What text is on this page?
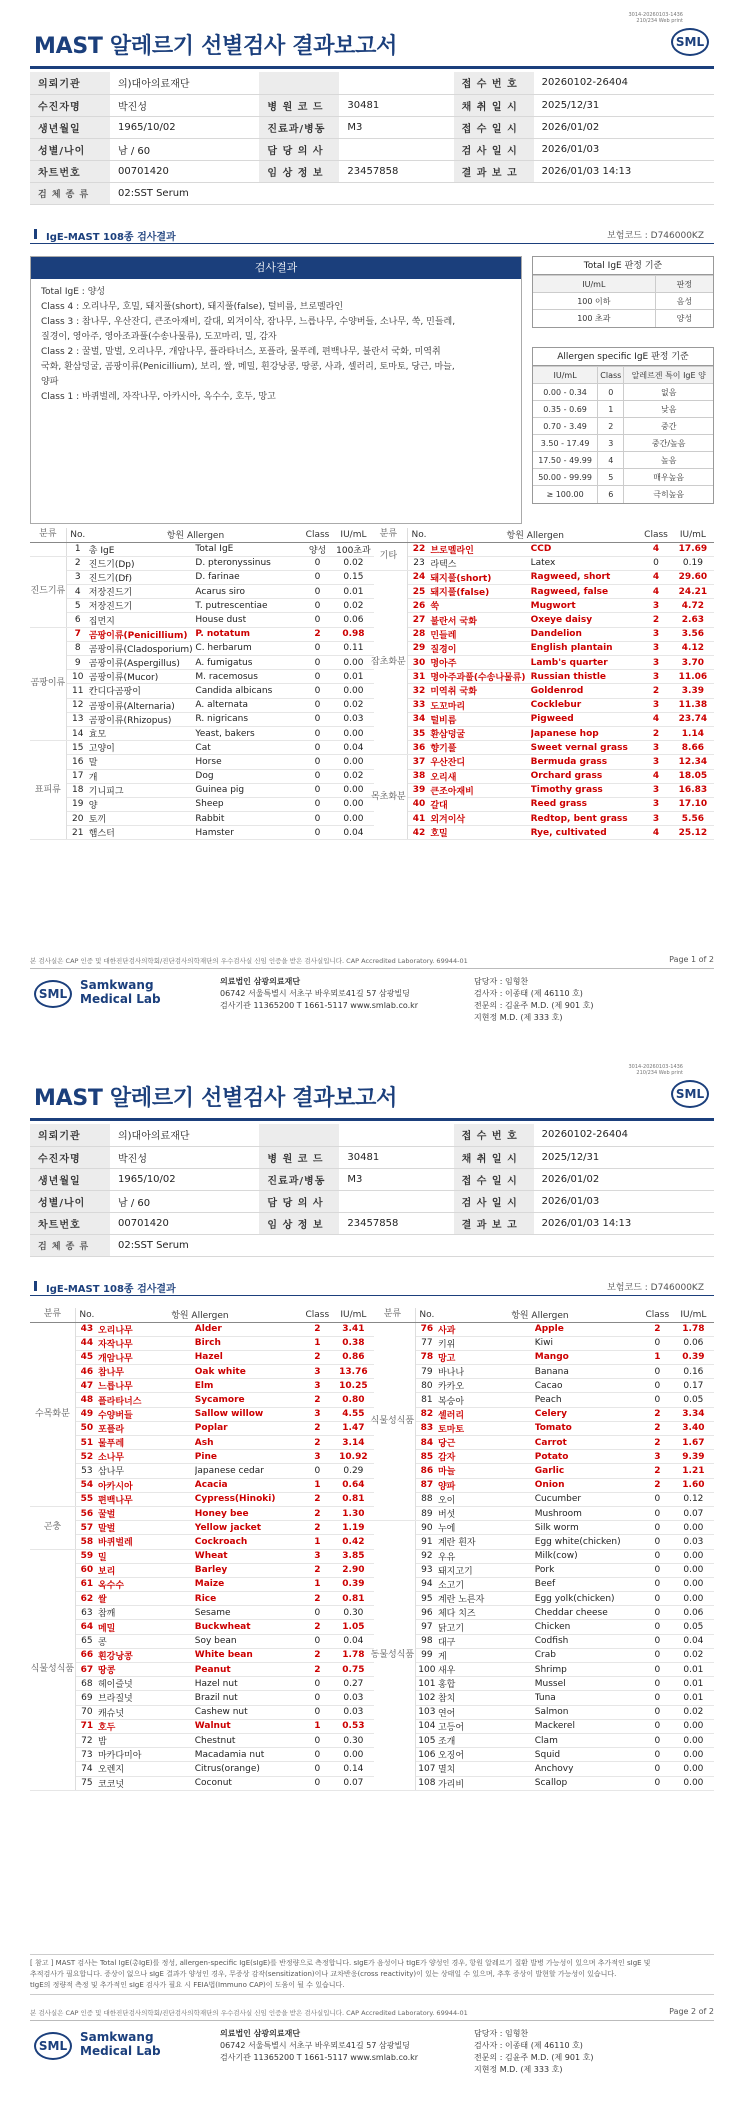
3014-20260103-1436
210/234 Web print
MAST 알레르기 선별검사 결과보고서	SML
의뢰기관	의)대아의료재단			접 수 번 호	20260102-26404
수진자명	박진성	병 원 코 드	30481	채 취 일 시	2025/12/31
생년월일	1965/10/02	진료과/병동	M3	접 수 일 시	2026/01/02
성별/나이	남 / 60	담 당 의 사		검 사 일 시	2026/01/03
차트번호	00701420	임 상 정 보	23457858	결 과 보 고	2026/01/03 14:13
검 체 종 류	02:SST Serum				
IgE-MAST 108종 검사결과	보험코드 : D746000KZ
검사결과
Total IgE : 양성
Class 4 : 오리나무, 호밀, 돼지풀(short), 돼지풀(false), 털비름, 브로멜라인
Class 3 : 참나무, 우산잔디, 큰조아재비, 갈대, 외겨이삭, 잠나무, 느릅나무, 수양버들, 소나무, 쑥, 민들레,
질경이, 영아주, 영아조과풀(수송나물류), 도꼬마리, 밀, 감자
Class 2 : 꿀벌, 말벌, 오리나무, 개암나무, 플라타너스, 포플라, 물푸레, 편백나무, 불란서 국화, 미역취
국화, 환삼덩굴, 곰팡이류(Penicillium), 보리, 쌀, 메밀, 흰강낭콩, 땅콩, 사과, 셀러리, 토마토, 당근, 마늘,
양파
Class 1 : 바퀴벌레, 자작나무, 아카시아, 옥수수, 호두, 망고
Total IgE 판정 기준
IU/mL	판정
100 이하	음성
100 초과	양성
Allergen specific IgE 판정 기준
IU/mL	Class	알레르겐 특이 IgE 양
0.00 - 0.34	0	없음
0.35 - 0.69	1	낮음
0.70 - 3.49	2	중간
3.50 - 17.49	3	중간/높음
17.50 - 49.99	4	높음
50.00 - 99.99	5	매우높음
≥ 100.00	6	극히높음
분류	No.	항원 Allergen		Class	IU/mL
	1	총 IgE	Total IgE	양성	100초과
진드기류	2	진드기(Dp)	D. pteronyssinus	0	0.02
	3	진드기(Df)	D. farinae	0	0.15
	4	저장진드기	Acarus siro	0	0.01
	5	저장진드기	T. putrescentiae	0	0.02
	6	집먼지	House dust	0	0.06
곰팡이류	7	곰팡이류(Penicillium)	P. notatum	2	0.98
	8	곰팡이류(Cladosporium)	C. herbarum	0	0.11
	9	곰팡이류(Aspergillus)	A. fumigatus	0	0.00
	10	곰팡이류(Mucor)	M. racemosus	0	0.01
	11	칸디다곰팡이	Candida albicans	0	0.00
	12	곰팡이류(Alternaria)	A. alternata	0	0.02
	13	곰팡이류(Rhizopus)	R. nigricans	0	0.03
	14	효모	Yeast, bakers	0	0.00
표피류	15	고양이	Cat	0	0.04
	16	말	Horse	0	0.00
	17	개	Dog	0	0.02
	18	기니피그	Guinea pig	0	0.00
	19	양	Sheep	0	0.00
	20	토끼	Rabbit	0	0.00
	21	햄스터	Hamster	0	0.04
분류	No.	항원 Allergen		Class	IU/mL
기타	22	브로멜라인	CCD	4	17.69
	23	라텍스	Latex	0	0.19
잡초화분	24	돼지풀(short)	Ragweed, short	4	29.60
	25	돼지풀(false)	Ragweed, false	4	24.21
	26	쑥	Mugwort	3	4.72
	27	불란서 국화	Oxeye daisy	2	2.63
	28	민들레	Dandelion	3	3.56
	29	질경이	English plantain	3	4.12
	30	명아주	Lamb's quarter	3	3.70
	31	명아주과풀(수송나물류)	Russian thistle	3	11.06
	32	미역취 국화	Goldenrod	2	3.39
	33	도꼬마리	Cocklebur	3	11.38
	34	털비름	Pigweed	4	23.74
	35	환삼덩굴	Japanese hop	2	1.14
	36	향기풀	Sweet vernal grass	3	8.66
목초화분	37	우산잔디	Bermuda grass	3	12.34
	38	오리새	Orchard grass	4	18.05
	39	큰조아재비	Timothy grass	3	16.83
	40	갈대	Reed grass	3	17.10
	41	외겨이삭	Redtop, bent grass	3	5.56
	42	호밀	Rye, cultivated	4	25.12
본 검사실은 CAP 인증 및 대한진단검사의학회/진단검사의학재단의 우수검사실 신임 인증을 받은 검사실입니다. CAP Accredited Laboratory. 69944-01	Page 1 of 2
SML
Samkwang
Medical Lab
의료법인 삼광의료재단
06742 서울특별시 서초구 바우뫼로41길 57 삼광빌딩
검사기관 11365200 T 1661-5117 www.smlab.co.kr
담당자 : 임형찬
검사자 : 이종태 (제 46110 호)
전문의 : 김윤주 M.D. (제 901 호)
지현정 M.D. (제 333 호)
3014-20260103-1436
210/234 Web print
MAST 알레르기 선별검사 결과보고서	SML
의뢰기관	의)대아의료재단			접 수 번 호	20260102-26404
수진자명	박진성	병 원 코 드	30481	채 취 일 시	2025/12/31
생년월일	1965/10/02	진료과/병동	M3	접 수 일 시	2026/01/02
성별/나이	남 / 60	담 당 의 사		검 사 일 시	2026/01/03
차트번호	00701420	임 상 정 보	23457858	결 과 보 고	2026/01/03 14:13
검 체 종 류	02:SST Serum				
IgE-MAST 108종 검사결과	보험코드 : D746000KZ
분류	No.	항원 Allergen		Class	IU/mL
수목화분	43	오리나무	Alder	2	3.41
	44	자작나무	Birch	1	0.38
	45	개암나무	Hazel	2	0.86
	46	참나무	Oak white	3	13.76
	47	느릅나무	Elm	3	10.25
	48	플라타너스	Sycamore	2	0.80
	49	수양버들	Sallow willow	3	4.55
	50	포플라	Poplar	2	1.47
	51	물푸레	Ash	2	3.14
	52	소나무	Pine	3	10.92
	53	삼나무	Japanese cedar	0	0.29
	54	아카시아	Acacia	1	0.64
	55	편백나무	Cypress(Hinoki)	2	0.81
곤충	56	꿀벌	Honey bee	2	1.30
	57	말벌	Yellow jacket	2	1.19
	58	바퀴벌레	Cockroach	1	0.42
식물성식품	59	밀	Wheat	3	3.85
	60	보리	Barley	2	2.90
	61	옥수수	Maize	1	0.39
	62	쌀	Rice	2	0.81
	63	참깨	Sesame	0	0.30
	64	메밀	Buckwheat	2	1.05
	65	콩	Soy bean	0	0.04
	66	흰강낭콩	White bean	2	1.78
	67	땅콩	Peanut	2	0.75
	68	헤이즐넛	Hazel nut	0	0.27
	69	브라질넛	Brazil nut	0	0.03
	70	캐슈넛	Cashew nut	0	0.03
	71	호두	Walnut	1	0.53
	72	밤	Chestnut	0	0.30
	73	마카다미아	Macadamia nut	0	0.00
	74	오렌지	Citrus(orange)	0	0.14
	75	코코넛	Coconut	0	0.07
분류	No.	항원 Allergen		Class	IU/mL
식물성식품	76	사과	Apple	2	1.78
	77	키위	Kiwi	0	0.06
	78	망고	Mango	1	0.39
	79	바나나	Banana	0	0.16
	80	카카오	Cacao	0	0.17
	81	복숭아	Peach	0	0.05
	82	셀러리	Celery	2	3.34
	83	토마토	Tomato	2	3.40
	84	당근	Carrot	2	1.67
	85	감자	Potato	3	9.39
	86	마늘	Garlic	2	1.21
	87	양파	Onion	2	1.60
	88	오이	Cucumber	0	0.12
	89	버섯	Mushroom	0	0.07
동물성식품	90	누에	Silk worm	0	0.00
	91	계란 흰자	Egg white(chicken)	0	0.03
	92	우유	Milk(cow)	0	0.00
	93	돼지고기	Pork	0	0.00
	94	소고기	Beef	0	0.00
	95	계란 노른자	Egg yolk(chicken)	0	0.00
	96	체다 치즈	Cheddar cheese	0	0.06
	97	닭고기	Chicken	0	0.05
	98	대구	Codfish	0	0.04
	99	게	Crab	0	0.02
	100	새우	Shrimp	0	0.01
	101	홍합	Mussel	0	0.01
	102	참치	Tuna	0	0.01
	103	연어	Salmon	0	0.02
	104	고등어	Mackerel	0	0.00
	105	조개	Clam	0	0.00
	106	오징어	Squid	0	0.00
	107	멸치	Anchovy	0	0.00
	108	가리비	Scallop	0	0.00
[ 참고 ] MAST 검사는 Total IgE(총IgE)를 정성, allergen-specific IgE(sIgE)를 반정량으로 측정합니다. sIgE가 음성이나 tIgE가 양성인 경우, 항원 알레르기 질환 발병 가능성이 있으며 추가적인 sIgE 및
추적검사가 필요합니다. 증상이 없으나 sIgE 결과가 양성인 경우, 무증상 감작(sensitization)이나 교차반응(cross reactivity)이 있는 상태일 수 있으며, 추후 증상이 발현할 가능성이 있습니다.
tIgE의 정량적 측정 및 추가적인 sIgE 검사가 필요 시 FEIA법(Immuno CAP)이 도움이 될 수 있습니다.
본 검사실은 CAP 인증 및 대한진단검사의학회/진단검사의학재단의 우수검사실 신임 인증을 받은 검사실입니다. CAP Accredited Laboratory. 69944-01	Page 2 of 2
SML
Samkwang
Medical Lab
의료법인 삼광의료재단
06742 서울특별시 서초구 바우뫼로41길 57 삼광빌딩
검사기관 11365200 T 1661-5117 www.smlab.co.kr
담당자 : 임형찬
검사자 : 이종태 (제 46110 호)
전문의 : 김윤주 M.D. (제 901 호)
지현정 M.D. (제 333 호)
